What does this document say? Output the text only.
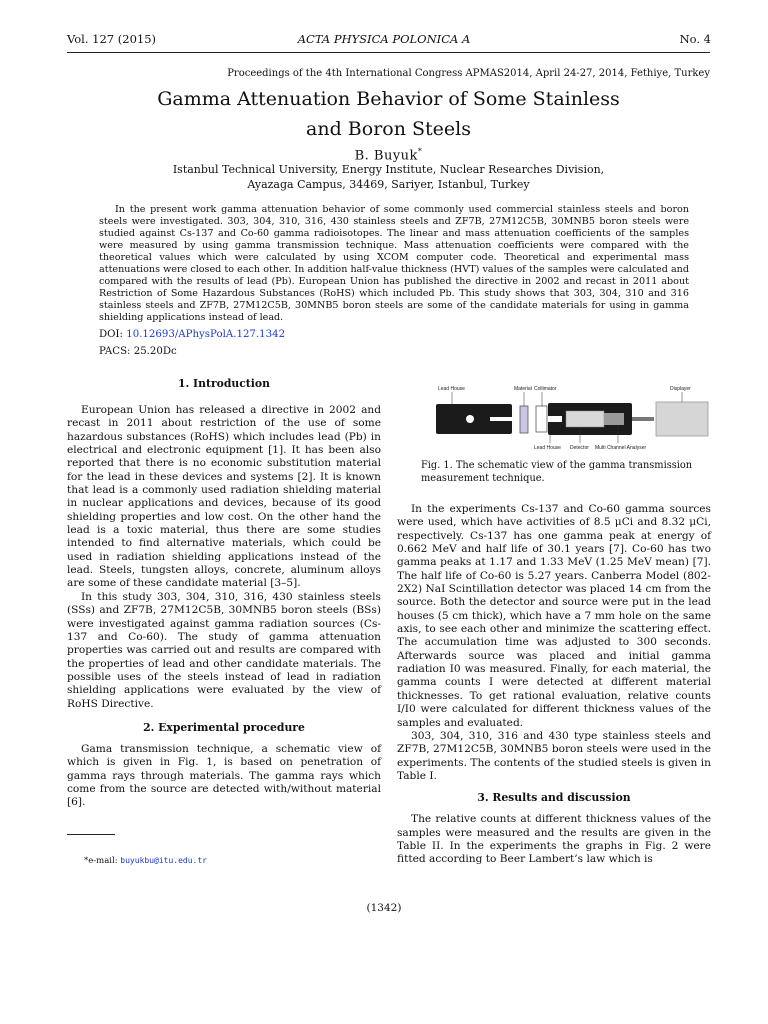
Vol. 127 (2015)	ACTA PHYSICA POLONICA A	No. 4
Proceedings of the 4th International Congress APMAS2014, April 24-27, 2014, Fethiye, Turkey
Gamma Attenuation Behavior of Some Stainless
and Boron Steels
B. Buyuk*
Istanbul Technical University, Energy Institute, Nuclear Researches Division,
Ayazaga Campus, 34469, Sariyer, Istanbul, Turkey
In the present work gamma attenuation behavior of some commonly used commercial stainless steels and boron steels were investigated. 303, 304, 310, 316, 430 stainless steels and ZF7B, 27M12C5B, 30MNB5 boron steels were studied against Cs-137 and Co-60 gamma radioisotopes. The linear and mass attenuation coefficients of the samples were measured by using gamma transmission technique. Mass attenuation coefficients were compared with the theoretical values which were calculated by using XCOM computer code. Theoretical and experimental mass attenuations were closed to each other. In addition half-value thickness (HVT) values of the samples were calculated and compared with the results of lead (Pb). European Union has published the directive in 2002 and recast in 2011 about Restriction of Some Hazardous Substances (RoHS) which included Pb. This study shows that 303, 304, 310 and 316 stainless steels and ZF7B, 27M12C5B, 30MNB5 boron steels are some of the candidate materials for using in gamma shielding applications instead of lead.
DOI: 10.12693/APhysPolA.127.1342
PACS: 25.20Dc
1. Introduction

European Union has released a directive in 2002 and recast in 2011 about restriction of the use of some hazardous substances (RoHS) which includes lead (Pb) in electrical and electronic equipment [1]. It has been also reported that there is no economic substitution material for the lead in these devices and systems [2]. It is known that lead is a commonly used radiation shielding material in nuclear applications and devices, because of its good shielding properties and low cost. On the other hand the lead is a toxic material, thus there are some studies intended to find alternative materials, which could be used in radiation shielding applications instead of the lead. Steels, tungsten alloys, concrete, aluminum alloys are some of these candidate material [3–5].

In this study 303, 304, 310, 316, 430 stainless steels (SSs) and ZF7B, 27M12C5B, 30MNB5 boron steels (BSs) were investigated against gamma radiation sources (Cs-137 and Co-60). The study of gamma attenuation properties was carried out and results are compared with the properties of lead and other candidate materials. The possible uses of the steels instead of lead in radiation shielding applications were evaluated by the view of RoHS Directive.

2. Experimental procedure

Gama transmission technique, a schematic view of which is given in Fig. 1, is based on penetration of gamma rays through materials. The gamma rays which come from the source are detected with/without material [6].

*e-mail: buyukbu@itu.edu.tr
Lead House	Material Collimator	Displayer
Lead House Detector Multi Channel Analyser
Fig. 1. The schematic view of the gamma transmission measurement technique.

In the experiments Cs-137 and Co-60 gamma sources were used, which have activities of 8.5 μCi and 8.32 μCi, respectively. Cs-137 has one gamma peak at energy of 0.662 MeV and half life of 30.1 years [7]. Co-60 has two gamma peaks at 1.17 and 1.33 MeV (1.25 MeV mean) [7]. The half life of Co-60 is 5.27 years. Canberra Model (802-2X2) NaI Scintillation detector was placed 14 cm from the source. Both the detector and source were put in the lead houses (5 cm thick), which have a 7 mm hole on the same axis, to see each other and minimize the scattering effect. The accumulation time was adjusted to 300 seconds. Afterwards source was placed and initial gamma radiation I0 was measured. Finally, for each material, the gamma counts I were detected at different material thicknesses. To get rational evaluation, relative counts I/I0 were calculated for different thickness values of the samples and evaluated.

303, 304, 310, 316 and 430 type stainless steels and ZF7B, 27M12C5B, 30MNB5 boron steels were used in the experiments. The contents of the studied steels is given in Table I.

3. Results and discussion

The relative counts at different thickness values of the samples were measured and the results are given in the Table II. In the experiments the graphs in Fig. 2 were fitted according to Beer Lambert’s law which is

(1342)
